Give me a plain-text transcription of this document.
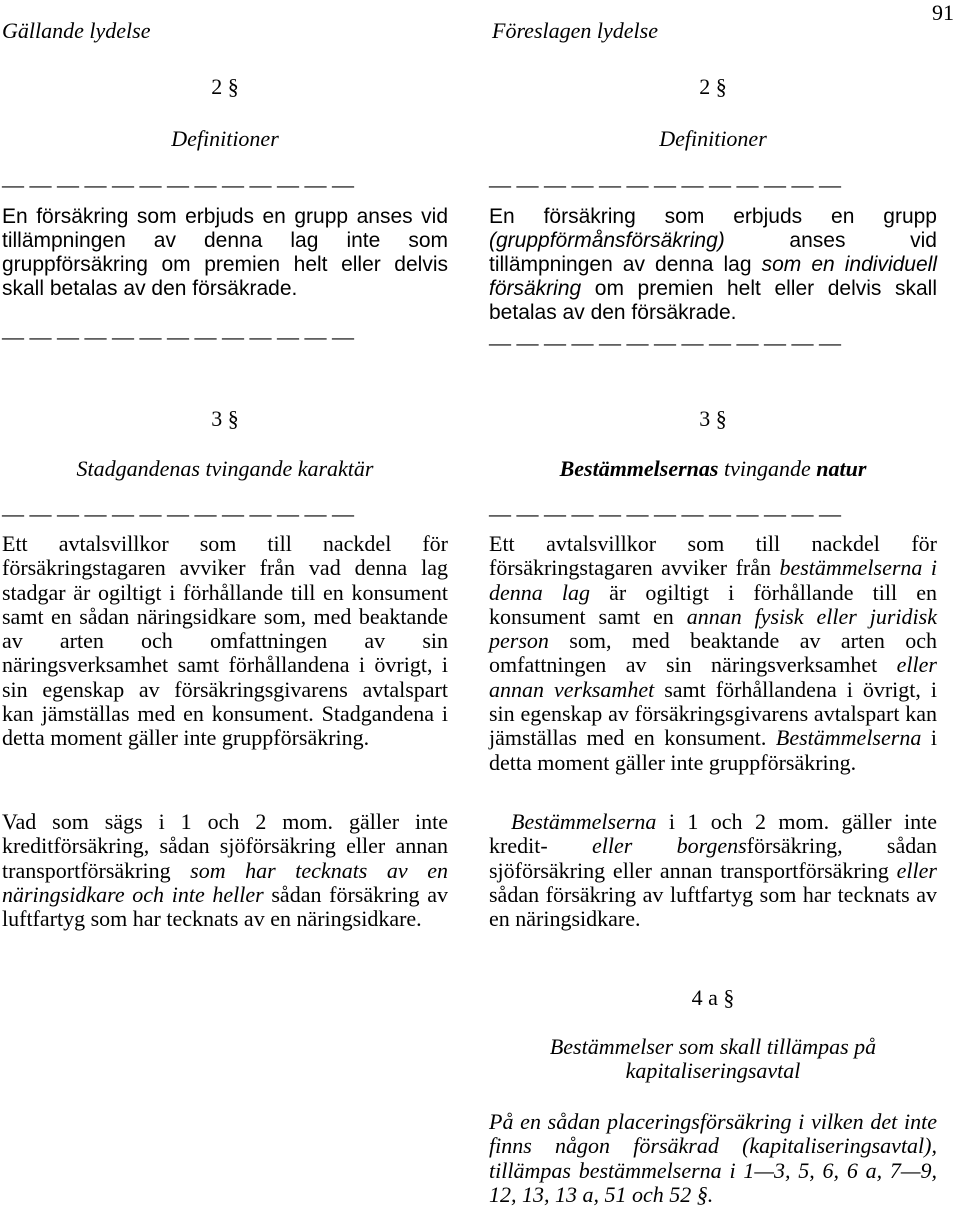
Gällande lydelse	Föreslagen lydelse
91
2 §
Definitioner
— — — — — — — — — — — — —
En försäkring som erbjuds en grupp anses vid tillämpningen av denna lag inte som gruppförsäkring om premien helt eller delvis skall betalas av den försäkrade.
— — — — — — — — — — — — —
3 §
Stadgandenas tvingande karaktär
— — — — — — — — — — — — —
Ett avtalsvillkor som till nackdel för försäkringstagaren avviker från vad denna lag stadgar är ogiltigt i förhållande till en konsument samt en sådan näringsidkare som, med beaktande av arten och omfattningen av sin näringsverksamhet samt förhållandena i övrigt, i sin egenskap av försäkringsgivarens avtalspart kan jämställas med en konsument. Stadgandena i detta moment gäller inte gruppförsäkring.
Vad som sägs i 1 och 2 mom. gäller inte kreditförsäkring, sådan sjöförsäkring eller annan transportförsäkring som har tecknats av en näringsidkare och inte heller sådan försäkring av luftfartyg som har tecknats av en näringsidkare.
2 §
Definitioner
— — — — — — — — — — — — —
En försäkring som erbjuds en grupp (gruppförmånsförsäkring) anses vid tillämpningen av denna lag som en individuell försäkring om premien helt eller delvis skall betalas av den försäkrade.
— — — — — — — — — — — — —
3 §
Bestämmelsernas tvingande natur
— — — — — — — — — — — — —
Ett avtalsvillkor som till nackdel för försäkringstagaren avviker från bestämmelserna i denna lag är ogiltigt i förhållande till en konsument samt en annan fysisk eller juridisk person som, med beaktande av arten och omfattningen av sin näringsverksamhet eller annan verksamhet samt förhållandena i övrigt, i sin egenskap av försäkringsgivarens avtalspart kan jämställas med en konsument. Bestämmelserna i detta moment gäller inte gruppförsäkring.
Bestämmelserna i 1 och 2 mom. gäller inte kredit- eller borgensförsäkring, sådan sjöförsäkring eller annan transportförsäkring eller sådan försäkring av luftfartyg som har tecknats av en näringsidkare.
4 a §
Bestämmelser som skall tillämpas på kapitaliseringsavtal
På en sådan placeringsförsäkring i vilken det inte finns någon försäkrad (kapitaliseringsavtal), tillämpas bestämmelserna i 1—3, 5, 6, 6 a, 7—9, 12, 13, 13 a, 51 och 52 §.
